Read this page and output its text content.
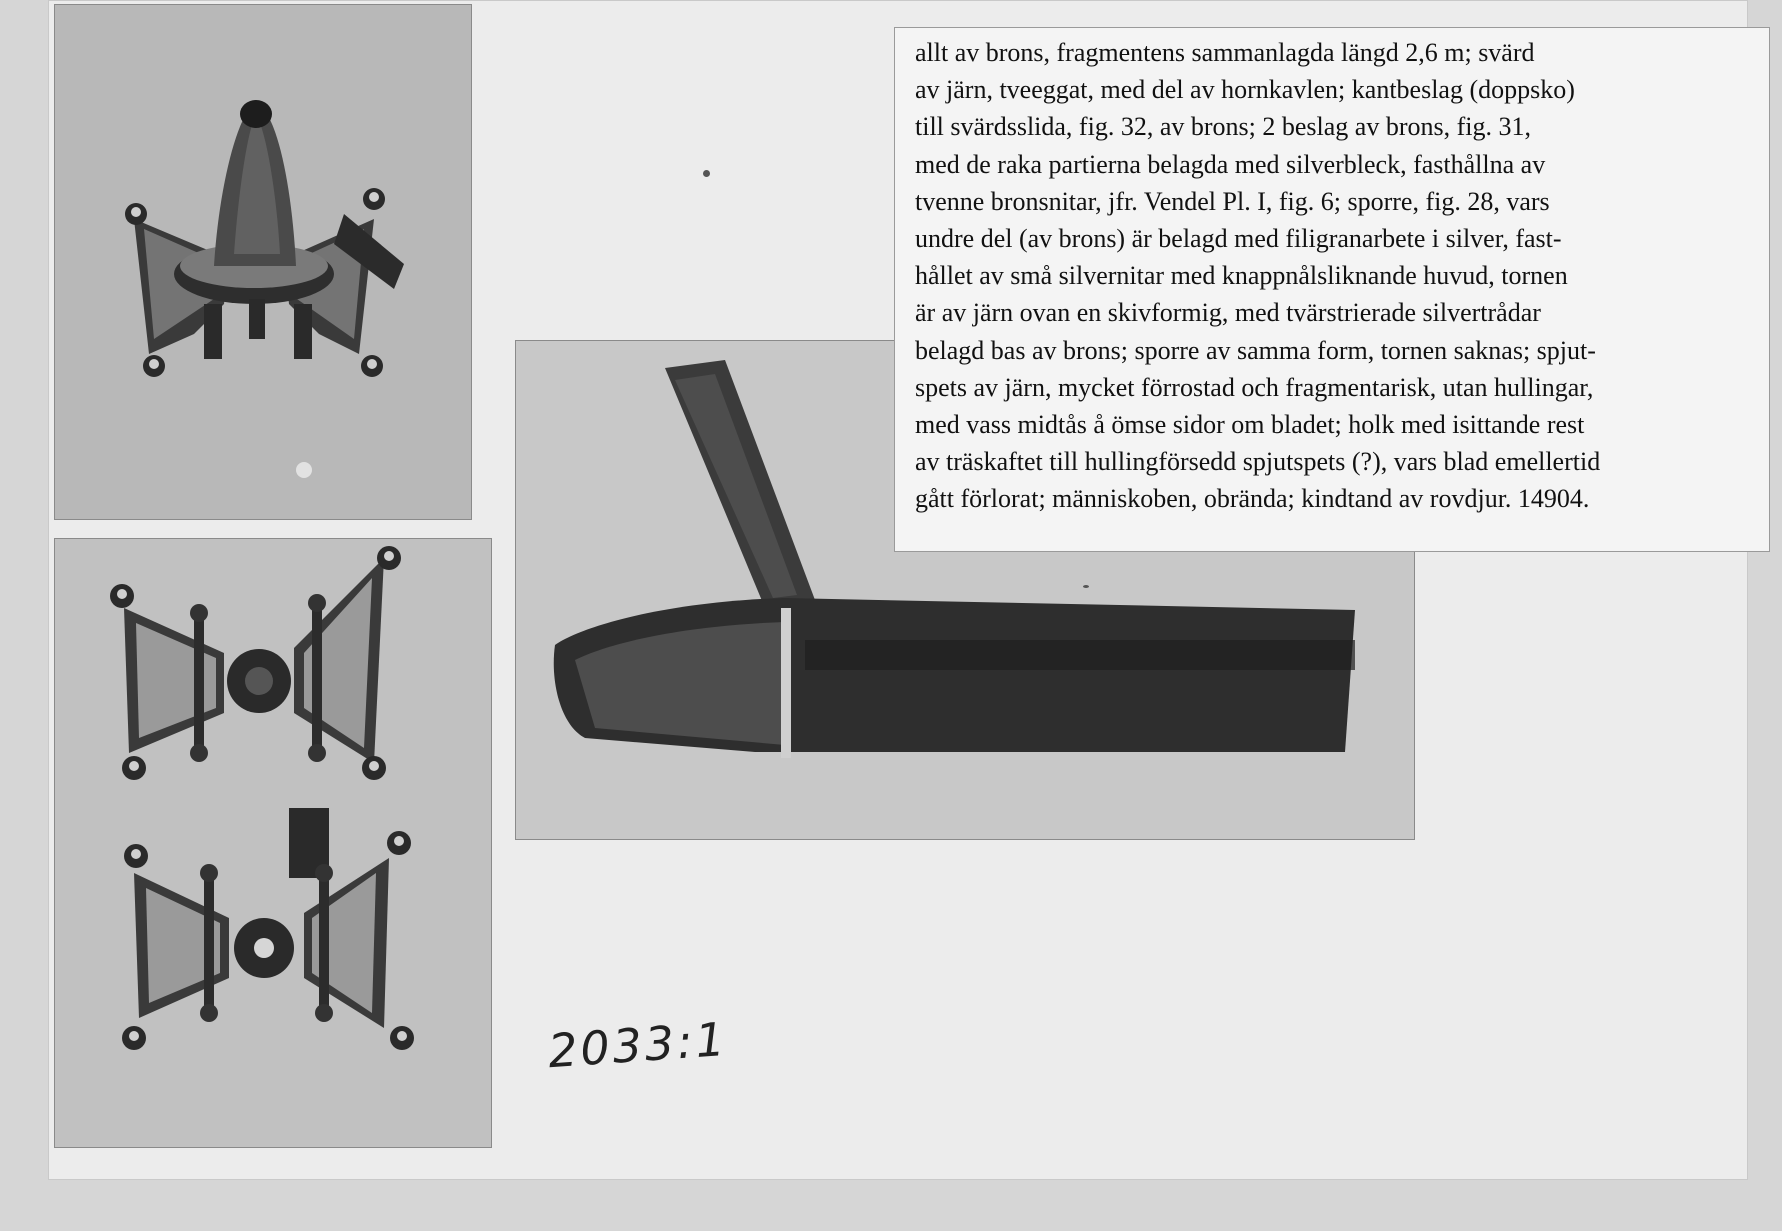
allt av brons, fragmentens sammanlagda längd 2,6 m; svärd

av järn, tveeggat, med del av hornkavlen; kantbeslag (doppsko)

till svärdsslida, fig. 32, av brons; 2 beslag av brons, fig. 31,

med de raka partierna belagda med silverbleck, fasthållna av

tvenne bronsnitar, jfr. Vendel Pl. I, fig. 6; sporre, fig. 28, vars

undre del (av brons) är belagd med filigranarbete i silver, fast-

hållet av små silvernitar med knappnålsliknande huvud, tornen

är av järn ovan en skivformig, med tvärstrierade silvertrådar

belagd bas av brons; sporre av samma form, tornen saknas; spjut-

spets av järn, mycket förrostad och fragmentarisk, utan hullingar,

med vass midtås å ömse sidor om bladet; holk med isittande rest

av träskaftet till hullingförsedd spjutspets (?), vars blad emellertid

gått förlorat; människoben, obrända; kindtand av rovdjur. 14904.

2033:1
